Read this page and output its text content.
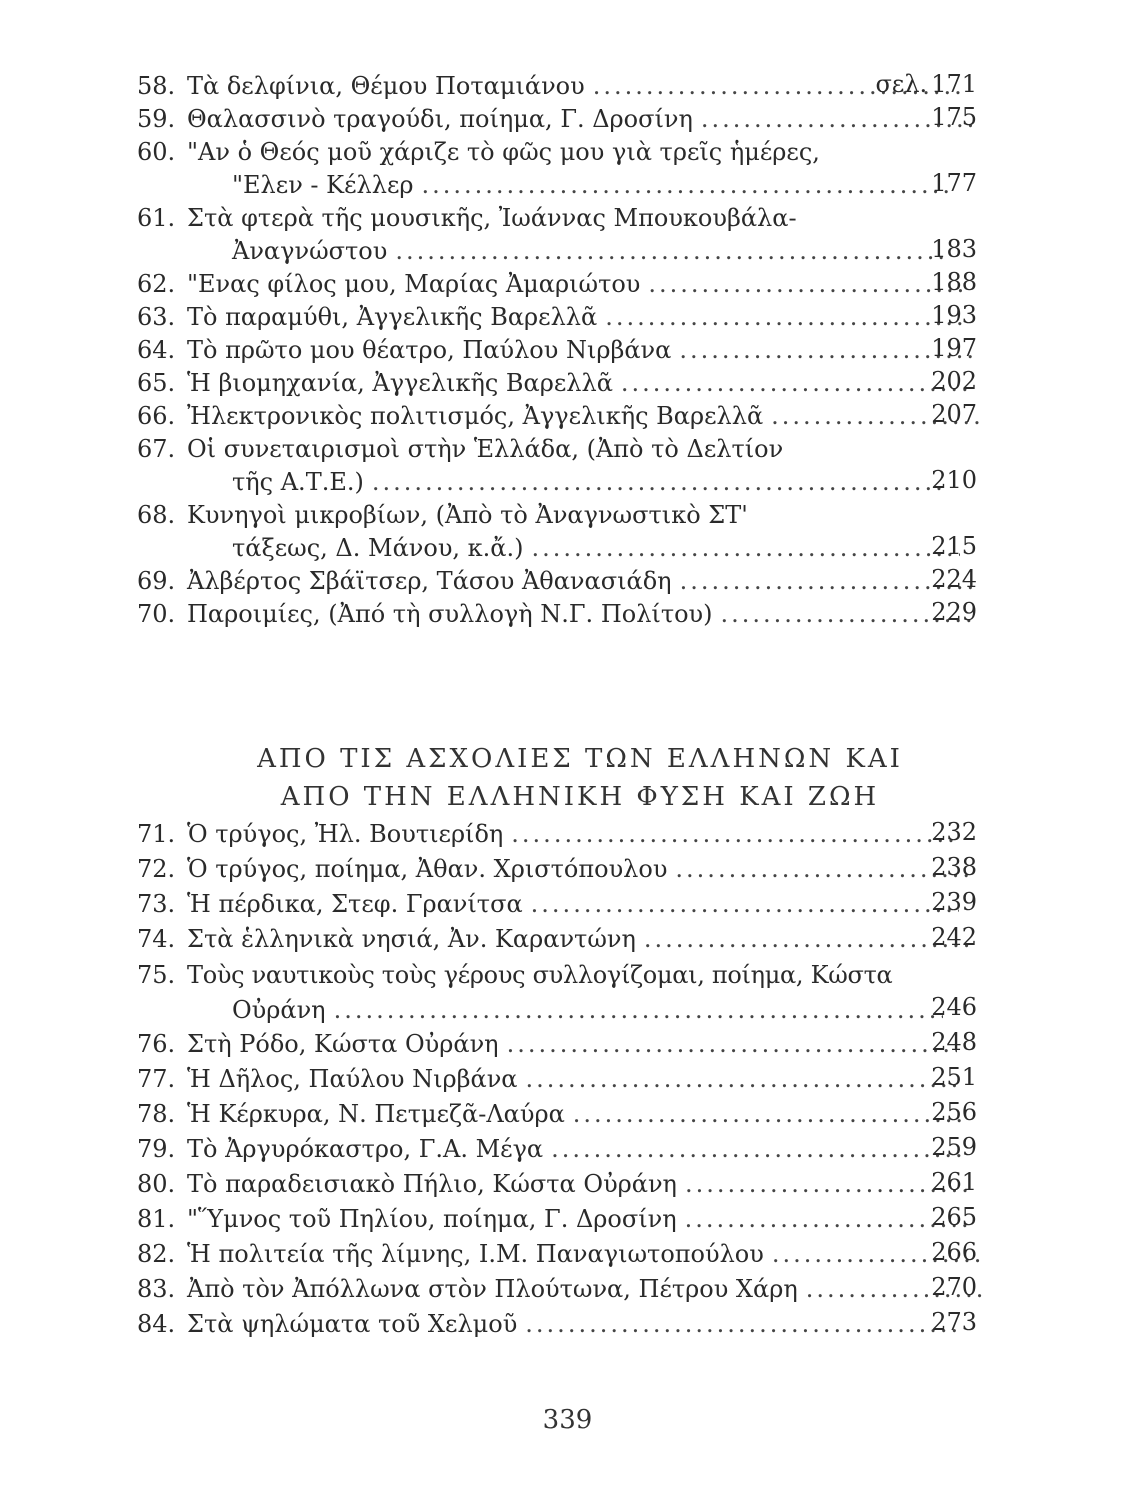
58. Τὰ δελφίνια, Θέμου Ποταμιάνου .....	σελ. 171
59. Θαλασσινὸ τραγούδι, ποίημα, Γ. Δροσίνη .....	175
60. "Αν ὁ Θεός μοῦ χάριζε τὸ φῶς μου γιὰ τρεῖς ἡμέρες,
"Ελεν - Κέλλερ .....	177
61. Στὰ φτερὰ τῆς μουσικῆς, Ἰωάννας Μπουκουβάλα-
Ἀναγνώστου .....	183
62. "Ενας φίλος μου, Μαρίας Ἀμαριώτου .....	188
63. Τὸ παραμύθι, Ἀγγελικῆς Βαρελλᾶ .....	193
64. Τὸ πρῶτο μου θέατρο, Παύλου Νιρβάνα .....	197
65. Ἡ βιομηχανία, Ἀγγελικῆς Βαρελλᾶ .....	202
66. Ἠλεκτρονικὸς πολιτισμός, Ἀγγελικῆς Βαρελλᾶ .....	207
67. Οἱ συνεταιρισμοὶ στὴν Ἑλλάδα, (Ἀπὸ τὸ Δελτίον
τῆς Α.Τ.Ε.) .....	210
68. Κυνηγοὶ μικροβίων, (Ἀπὸ τὸ Ἀναγνωστικὸ ΣΤ'
τάξεως, Δ. Μάνου, κ.ἄ.) .....	215
69. Ἀλβέρτος Σβάϊτσερ, Τάσου Ἀθανασιάδη .....	224
70. Παροιμίες, (Ἀπό τὴ συλλογὴ Ν.Γ. Πολίτου) .....	229
ΑΠΟ ΤΙΣ ΑΣΧΟΛΙΕΣ ΤΩΝ ΕΛΛΗΝΩΝ ΚΑΙ
ΑΠΟ ΤΗΝ ΕΛΛΗΝΙΚΗ ΦΥΣΗ ΚΑΙ ΖΩΗ
71. Ὁ τρύγος, Ἠλ. Βουτιερίδη .....	232
72. Ὁ τρύγος, ποίημα, Ἀθαν. Χριστόπουλου .....	238
73. Ἡ πέρδικα, Στεφ. Γρανίτσα .....	239
74. Στὰ ἑλληνικὰ νησιά, Ἀν. Καραντώνη .....	242
75. Τοὺς ναυτικοὺς τοὺς γέρους συλλογίζομαι, ποίημα, Κώστα
Οὐράνη .....	246
76. Στὴ Ρόδο, Κώστα Οὐράνη .....	248
77. Ἡ Δῆλος, Παύλου Νιρβάνα .....	251
78. Ἡ Κέρκυρα, Ν. Πετμεζᾶ-Λαύρα .....	256
79. Τὸ Ἀργυρόκαστρο, Γ.Α. Μέγα .....	259
80. Τὸ παραδεισιακὸ Πήλιο, Κώστα Οὐράνη .....	261
81. "Ὕμνος τοῦ Πηλίου, ποίημα, Γ. Δροσίνη .....	265
82. Ἡ πολιτεία τῆς λίμνης, Ι.Μ. Παναγιωτοπούλου .....	266
83. Ἀπὸ τὸν Ἀπόλλωνα στὸν Πλούτωνα, Πέτρου Χάρη .....	270
84. Στὰ ψηλώματα τοῦ Χελμοῦ .....	273
339
